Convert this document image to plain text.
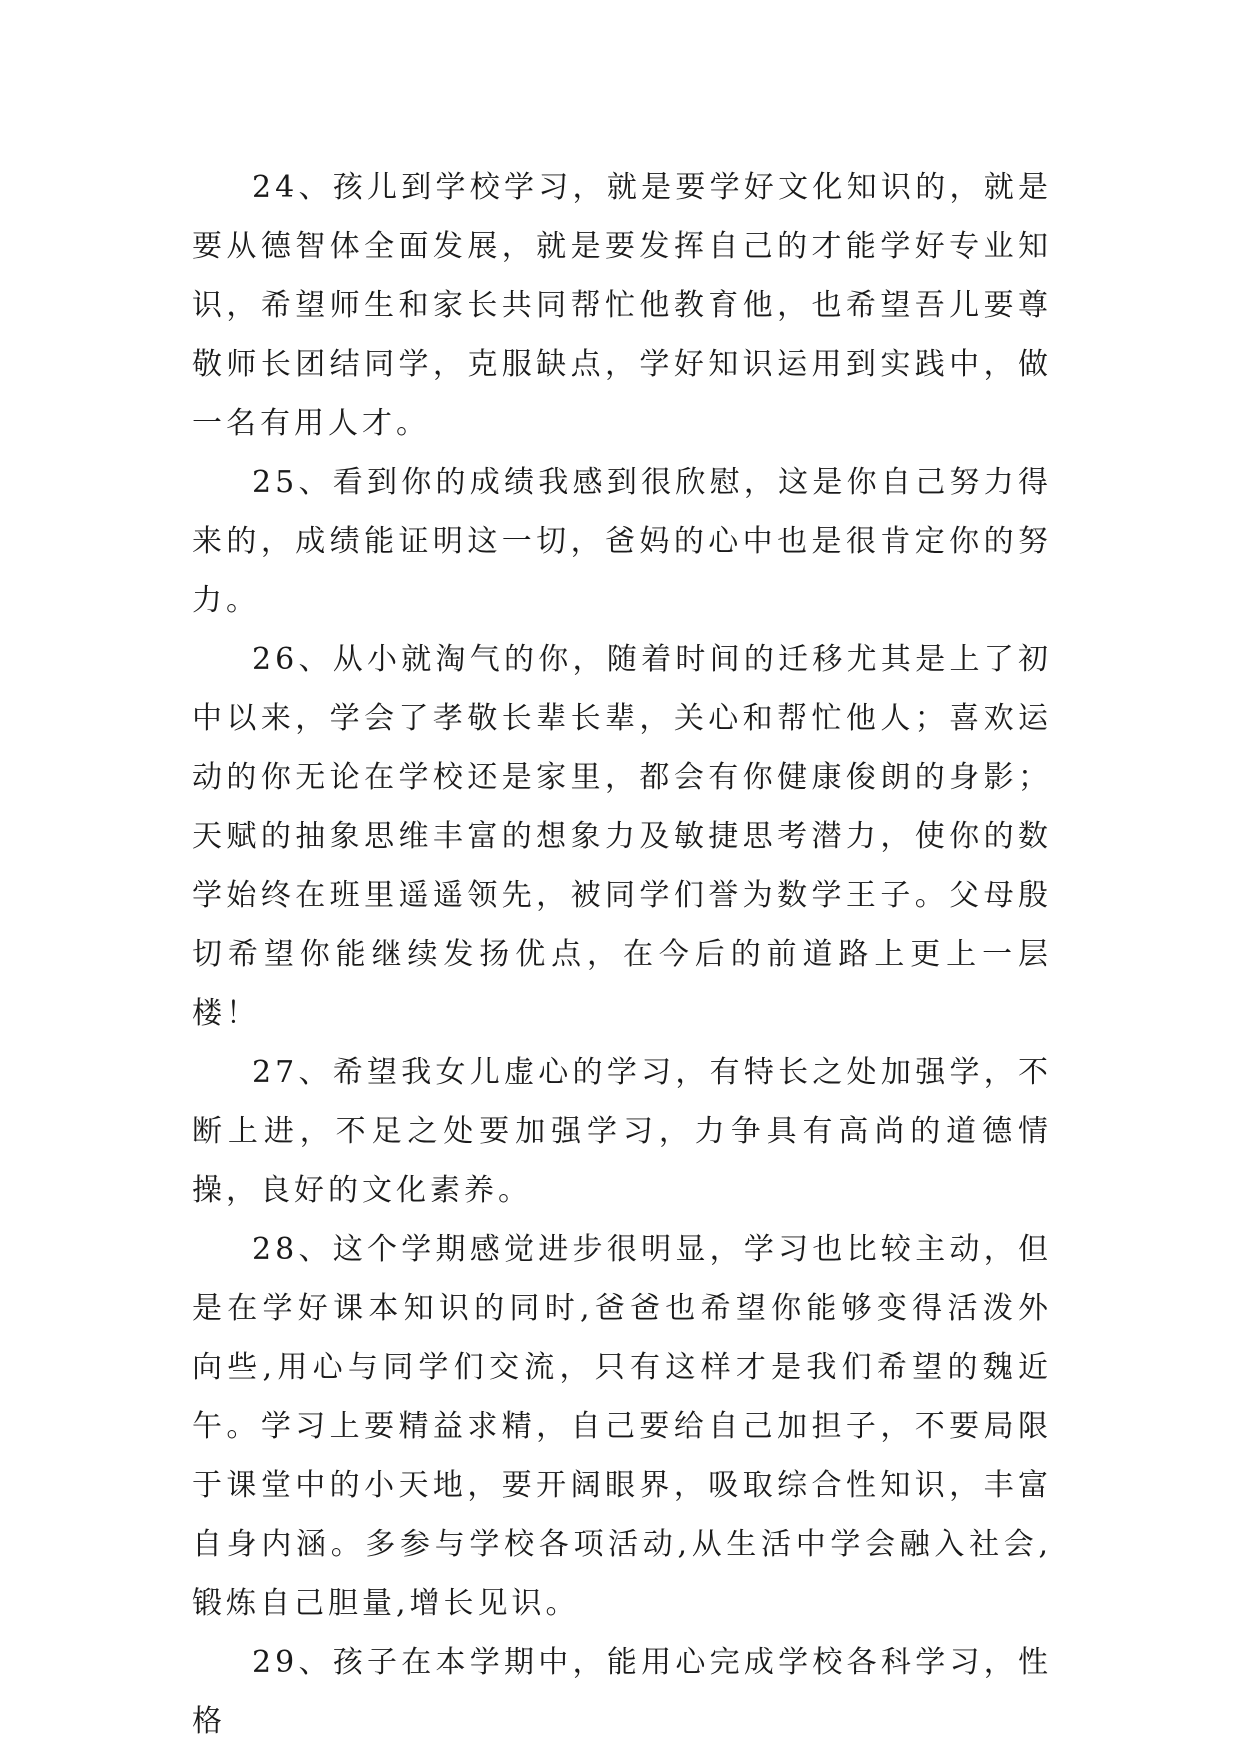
24、孩儿到学校学习，就是要学好文化知识的，就是要从德智体全面发展，就是要发挥自己的才能学好专业知识，希望师生和家长共同帮忙他教育他，也希望吾儿要尊敬师长团结同学，克服缺点，学好知识运用到实践中，做一名有用人才。

25、看到你的成绩我感到很欣慰，这是你自己努力得来的，成绩能证明这一切，爸妈的心中也是很肯定你的努力。

26、从小就淘气的你，随着时间的迁移尤其是上了初中以来，学会了孝敬长辈长辈，关心和帮忙他人；喜欢运动的你无论在学校还是家里，都会有你健康俊朗的身影；天赋的抽象思维丰富的想象力及敏捷思考潜力，使你的数学始终在班里遥遥领先，被同学们誉为数学王子。父母殷切希望你能继续发扬优点，在今后的前道路上更上一层楼！

27、希望我女儿虚心的学习，有特长之处加强学，不断上进，不足之处要加强学习，力争具有高尚的道德情操，良好的文化素养。

28、这个学期感觉进步很明显，学习也比较主动，但是在学好课本知识的同时,爸爸也希望你能够变得活泼外向些,用心与同学们交流，只有这样才是我们希望的魏近午。学习上要精益求精，自己要给自己加担子，不要局限于课堂中的小天地，要开阔眼界，吸取综合性知识，丰富自身内涵。多参与学校各项活动,从生活中学会融入社会,锻炼自己胆量,增长见识。

29、孩子在本学期中，能用心完成学校各科学习，性格
